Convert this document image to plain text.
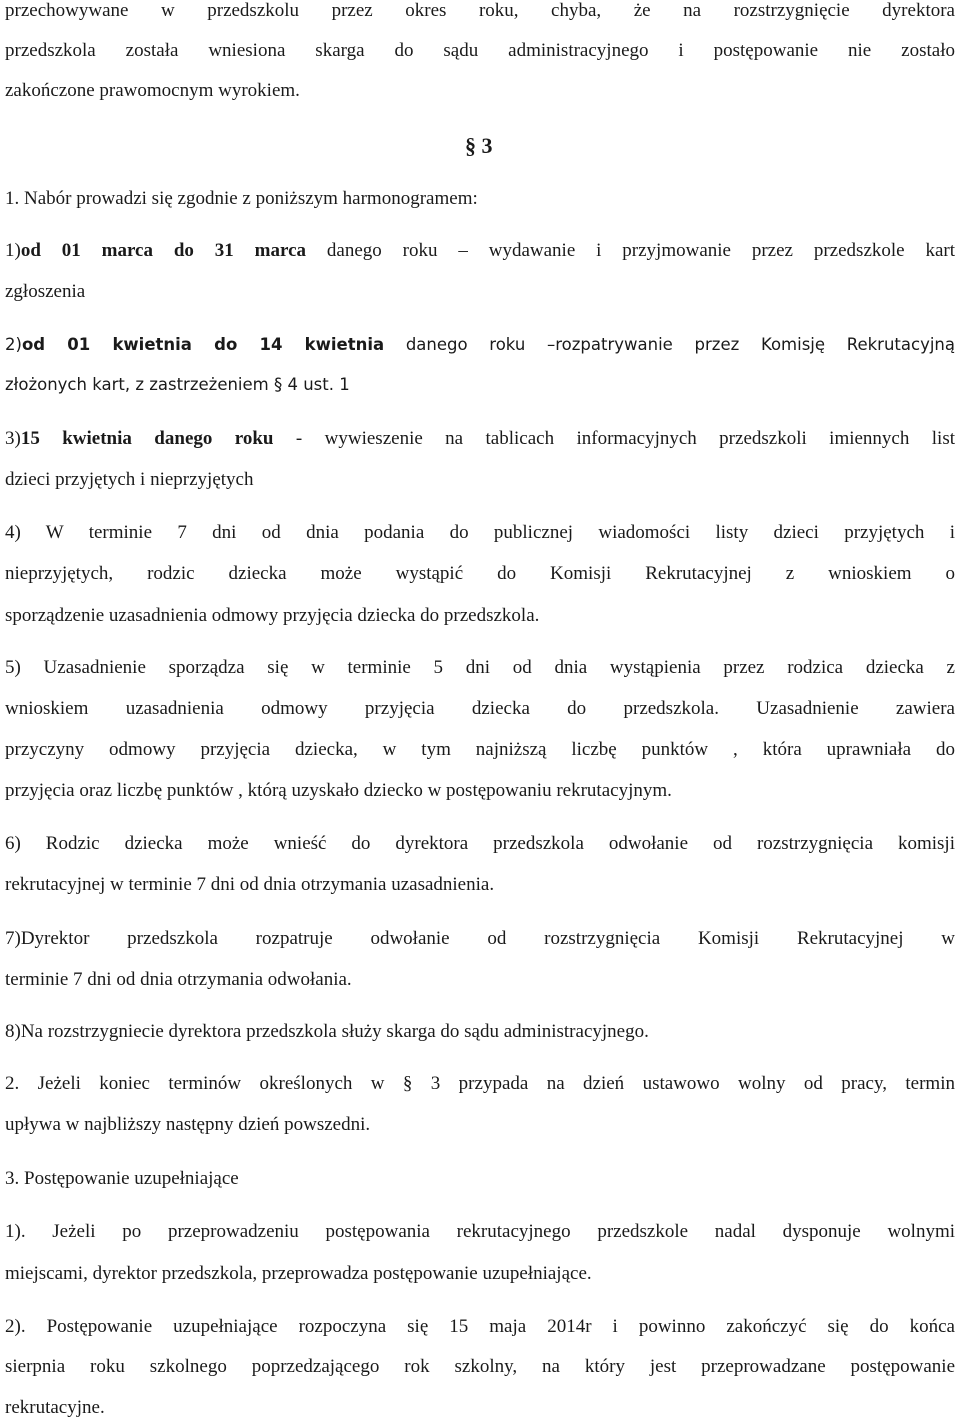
przechowywane w przedszkolu przez okres roku, chyba, że na rozstrzygnięcie dyrektora
przedszkola została wniesiona skarga do sądu administracyjnego i postępowanie nie zostało
zakończone prawomocnym wyrokiem.
§ 3
1. Nabór prowadzi się zgodnie z poniższym harmonogramem:
1)od 01 marca do 31 marca danego roku – wydawanie i przyjmowanie przez przedszkole kart
zgłoszenia
2)od 01 kwietnia do 14 kwietnia danego roku –rozpatrywanie przez Komisję Rekrutacyjną
złożonych kart, z zastrzeżeniem § 4 ust. 1
3)15 kwietnia danego roku - wywieszenie na tablicach informacyjnych przedszkoli imiennych list
dzieci przyjętych i nieprzyjętych
4) W terminie 7 dni od dnia podania do publicznej wiadomości listy dzieci przyjętych i
nieprzyjętych, rodzic dziecka może wystąpić do Komisji Rekrutacyjnej z wnioskiem o
sporządzenie uzasadnienia odmowy przyjęcia dziecka do przedszkola.
5) Uzasadnienie sporządza się w terminie 5 dni od dnia wystąpienia przez rodzica dziecka z
wnioskiem uzasadnienia odmowy przyjęcia dziecka do przedszkola. Uzasadnienie zawiera
przyczyny odmowy przyjęcia dziecka, w tym najniższą liczbę punktów , która uprawniała do
przyjęcia oraz liczbę punktów , którą uzyskało dziecko w postępowaniu rekrutacyjnym.
6) Rodzic dziecka może wnieść do dyrektora przedszkola odwołanie od rozstrzygnięcia komisji
rekrutacyjnej w terminie 7 dni od dnia otrzymania uzasadnienia.
7)Dyrektor przedszkola rozpatruje odwołanie od rozstrzygnięcia Komisji Rekrutacyjnej w
terminie 7 dni od dnia otrzymania odwołania.
8)Na rozstrzygniecie dyrektora przedszkola służy skarga do sądu administracyjnego.
2. Jeżeli koniec terminów określonych w § 3 przypada na dzień ustawowo wolny od pracy, termin
upływa w najbliższy następny dzień powszedni.
3. Postępowanie uzupełniające
1). Jeżeli po przeprowadzeniu postępowania rekrutacyjnego przedszkole nadal dysponuje wolnymi
miejscami, dyrektor przedszkola, przeprowadza postępowanie uzupełniające.
2). Postępowanie uzupełniające rozpoczyna się 15 maja 2014r i powinno zakończyć się do końca
sierpnia roku szkolnego poprzedzającego rok szkolny, na który jest przeprowadzane postępowanie
rekrutacyjne.
